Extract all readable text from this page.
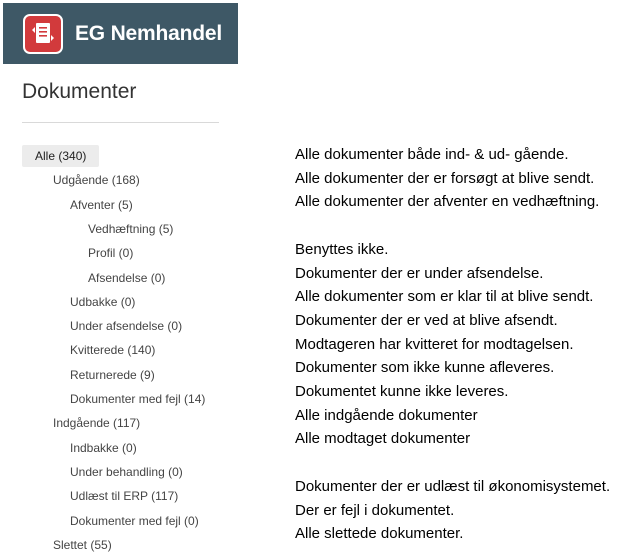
EG Nemhandel
Dokumenter
Alle (340)
Udgående (168)
Afventer (5)
Vedhæftning (5)
Profil (0)
Afsendelse (0)
Udbakke (0)
Under afsendelse (0)
Kvitterede (140)
Returnerede (9)
Dokumenter med fejl (14)
Indgående (117)
Indbakke (0)
Under behandling (0)
Udlæst til ERP (117)
Dokumenter med fejl (0)
Slettet (55)
Alle dokumenter både ind- & ud- gående.
Alle dokumenter der er forsøgt at blive sendt.
Alle dokumenter der afventer en vedhæftning.
Benyttes ikke.
Dokumenter der er under afsendelse.
Alle dokumenter som er klar til at blive sendt.
Dokumenter der er ved at blive afsendt.
Modtageren har kvitteret for modtagelsen.
Dokumenter som ikke kunne afleveres.
Dokumentet kunne ikke leveres.
Alle indgående dokumenter
Alle modtaget dokumenter
Dokumenter der er udlæst til økonomisystemet.
Der er fejl i dokumentet.
Alle slettede dokumenter.
